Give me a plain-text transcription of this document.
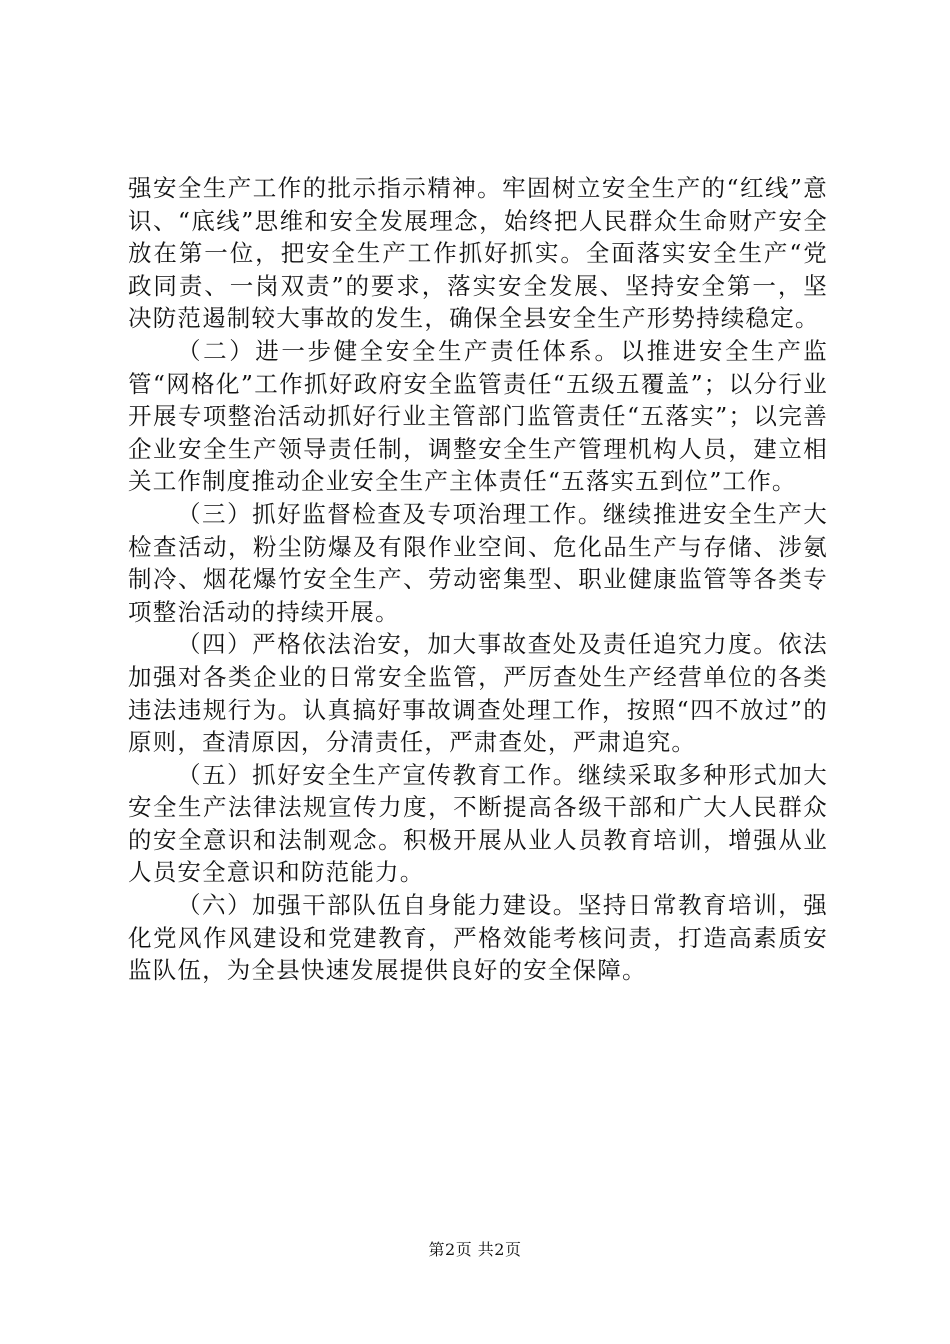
强安全生产工作的批示指示精神。牢固树立安全生产的“红线”意识、“底线”思维和安全发展理念，始终把人民群众生命财产安全放在第一位，把安全生产工作抓好抓实。全面落实安全生产“党政同责、一岗双责”的要求，落实安全发展、坚持安全第一，坚决防范遏制较大事故的发生，确保全县安全生产形势持续稳定。

（二）进一步健全安全生产责任体系。以推进安全生产监管“网格化”工作抓好政府安全监管责任“五级五覆盖”；以分行业开展专项整治活动抓好行业主管部门监管责任“五落实”；以完善企业安全生产领导责任制，调整安全生产管理机构人员，建立相关工作制度推动企业安全生产主体责任“五落实五到位”工作。

（三）抓好监督检查及专项治理工作。继续推进安全生产大检查活动，粉尘防爆及有限作业空间、危化品生产与存储、涉氨制冷、烟花爆竹安全生产、劳动密集型、职业健康监管等各类专项整治活动的持续开展。

（四）严格依法治安，加大事故查处及责任追究力度。依法加强对各类企业的日常安全监管，严厉查处生产经营单位的各类违法违规行为。认真搞好事故调查处理工作，按照“四不放过”的原则，查清原因，分清责任，严肃查处，严肃追究。

（五）抓好安全生产宣传教育工作。继续采取多种形式加大安全生产法律法规宣传力度，不断提高各级干部和广大人民群众的安全意识和法制观念。积极开展从业人员教育培训，增强从业人员安全意识和防范能力。

（六）加强干部队伍自身能力建设。坚持日常教育培训，强化党风作风建设和党建教育，严格效能考核问责，打造高素质安监队伍，为全县快速发展提供良好的安全保障。

第2页 共2页
